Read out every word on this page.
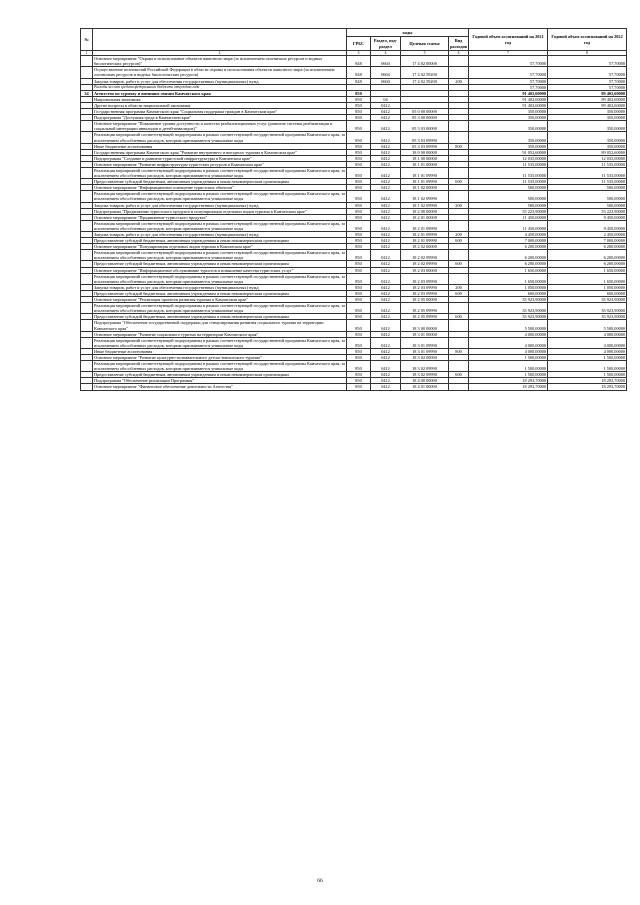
№		коды				Годовой объем ассигнований на 2021 год	Годовой объем ассигнований на 2022 год
		ГРБС	Раздел, под-раздел	Целевая статья	Вид расходов		
1	2	3	4	5	6	7	8
	Основное мероприятие "Охрана и использование объектов животного мира (за исключением охотничьих ресурсов и водных биологических ресурсов)"	848	0604	17 4 02 00000		57,70000	57,70000
	Осуществление полномочий Российской Федерации в области охраны и использования объектов животного мира (за исключением охотничьих ресурсов и водных биологических ресурсов)	848	0604	17 4 02 59200		57,70000	57,70000
	Закупка товаров, работ и услуг для обеспечения государственных (муниципальных) нужд	848	0604	17 4 02 59200	200	57,70000	57,70000
	Расходы за счет средств федерального бюджета отчуждаю года					57,70000	57,70000
34	Агентство по туризму и внешним связям Камчатского края	850				91 402,60000	89 402,60000
	Национальная экономика	850	04			91 402,60000	89 402,60000
	Другие вопросы в области национальной экономики	850	0412			91 402,60000	89 402,60000
	Государственная программа Камчатского края "Социальная поддержка граждан в Камчатском крае"	850	0412	05 0 00 00000		350,00000	350,00000
	Подпрограмма "Доступная среда в Камчатском крае"	850	0412	05 3 00 00000		350,00000	350,00000
	Основное мероприятие "Повышение уровня доступности и качества реабилитационных услуг (развитие системы реабилитации и социальной интеграции инвалидов и детей-инвалидов)"	850	0412	05 3 03 00000		350,00000	350,00000
	Реализация мероприятий соответствующей подпрограммы в рамках соответствующей государственной программы Камчатского края, за исключением обособленных расходов, которым присваиваются уникальные коды	850	0412	05 3 03 09990		350,00000	350,00000
	Иные бюджетные ассигнования	850	0412	05 3 03 09990	800	350,00000	350,00000
	Государственная программа Камчатского края "Развитие внутреннего и въездного туризма в Камчатском крае"	850	0412	18 0 00 00000		91 052,60000	89 052,60000
	Подпрограмма "Создание и развитие туристской инфраструктуры в Камчатском крае"	850	0412	18 1 00 00000		12 035,00000	12 035,00000
	Основное мероприятие "Развитие инфраструктуры туристских ресурсов в Камчатском крае"	850	0412	18 1 01 00000		11 535,00000	11 535,00000
	Реализация мероприятий соответствующей подпрограммы в рамках соответствующей государственной программы Камчатского края, за исключением обособленных расходов, которым присваиваются уникальные коды	850	0412	18 1 01 09990		11 535,00000	11 535,00000
	Предоставление субсидий бюджетным, автономным учреждениям и иным некоммерческим организациям	850	0412	18 1 01 09990	600	11 535,00000	11 535,00000
	Основное мероприятие "Информационное освещение туристских объектов"	850	0412	18 1 02 00000		500,00000	500,00000
	Реализация мероприятий соответствующей подпрограммы в рамках соответствующей государственной программы Камчатского края, за исключением обособленных расходов, которым присваиваются уникальные коды	850	0412	18 1 02 09990		500,00000	500,00000
	Закупка товаров, работ и услуг для обеспечения государственных (муниципальных) нужд	850	0412	18 1 02 09990	200	500,00000	500,00000
	Подпрограмма "Продвижение туристского продукта и популяризация отдельных видов туризма в Камчатском крае"	850	0412	18 2 00 00000		55 223,90000	53 223,90000
	Основное мероприятие "Продвижение туристского продукта"	850	0412	18 2 01 00000		11 450,00000	9 450,00000
	Реализация мероприятий соответствующей подпрограммы в рамках соответствующей государственной программы Камчатского края, за исключением обособленных расходов, которым присваиваются уникальные коды	850	0412	18 2 01 09990		11 450,00000	9 450,00000
	Закупка товаров, работ и услуг для обеспечения государственных (муниципальных) нужд	850	0412	18 2 01 09990	200	4 450,00000	2 450,00000
	Предоставление субсидий бюджетным, автономным учреждениям и иным некоммерческим организациям	850	0412	18 2 01 09990	600	7 000,00000	7 000,00000
	Основное мероприятие "Популяризация отдельных видов туризма в Камчатском крае"	850	0412	18 2 02 00000		6 200,00000	6 200,00000
	Реализация мероприятий соответствующей подпрограммы в рамках соответствующей государственной программы Камчатского края, за исключением обособленных расходов, которым присваиваются уникальные коды	850	0412	18 2 02 09990		6 200,00000	6 200,00000
	Предоставление субсидий бюджетным, автономным учреждениям и иным некоммерческим организациям	850	0412	18 2 02 09990	600	6 200,00000	6 200,00000
	Основное мероприятие "Информационное обслуживание туристов и повышение качества туристских услуг"	850	0412	18 2 03 00000		1 650,00000	1 650,00000
	Реализация мероприятий соответствующей подпрограммы в рамках соответствующей государственной программы Камчатского края, за исключением обособленных расходов, которым присваиваются уникальные коды	850	0412	18 2 03 09990		1 650,00000	1 650,00000
	Закупка товаров, работ и услуг для обеспечения государственных (муниципальных) нужд	850	0412	18 2 03 09990	200	1 050,00000	1 050,00000
	Предоставление субсидий бюджетным, автономным учреждениям и иным некоммерческим организациям	850	0412	18 2 03 09990	600	600,00000	600,00000
	Основное мероприятие "Реализация проектов развития туризма в Камчатском крае"	850	0412	18 2 05 00000		35 923,90000	35 923,90000
	Реализация мероприятий соответствующей подпрограммы в рамках соответствующей государственной программы Камчатского края, за исключением обособленных расходов, которым присваиваются уникальные коды	850	0412	18 2 05 09990		35 923,90000	35 923,90000
	Предоставление субсидий бюджетным, автономным учреждениям и иным некоммерческим организациям	850	0412	18 2 05 09990	600	35 923,90000	35 923,90000
	Подпрограмма "Обеспечение государственной поддержки для стимулирования развития социального туризма на территории Камчатского края"	850	0412	18 3 00 00000		5 500,00000	5 500,00000
	Основное мероприятие "Развитие социального туризма на территории Камчатского края"	850	0412	18 3 01 00000		4 000,00000	4 000,00000
	Реализация мероприятий соответствующей подпрограммы в рамках соответствующей государственной программы Камчатского края, за исключением обособленных расходов, которым присваиваются уникальные коды	850	0412	18 3 01 09990		4 000,00000	4 000,00000
	Иные бюджетные ассигнования	850	0412	18 3 01 09990	800	4 000,00000	4 000,00000
	Основное мероприятие "Развитие культурно-познавательного детско-юношеского туризма"	850	0412	18 3 02 00000		1 500,00000	1 500,00000
	Реализация мероприятий соответствующей подпрограммы в рамках соответствующей государственной программы Камчатского края, за исключением обособленных расходов, которым присваиваются уникальные коды	850	0412	18 3 02 09990		1 500,00000	1 500,00000
	Предоставление субсидий бюджетным, автономным учреждениям и иным некоммерческим организациям	850	0412	18 3 02 09990	600	1 500,00000	1 500,00000
	Подпрограмма "Обеспечение реализации Программы"	850	0412	18 4 00 00000		18 293,70000	18 293,70000
	Основное мероприятие "Финансовое обеспечение деятельности Агентства"	850	0412	18 4 01 00000		18 293,70000	18 293,70000
66
